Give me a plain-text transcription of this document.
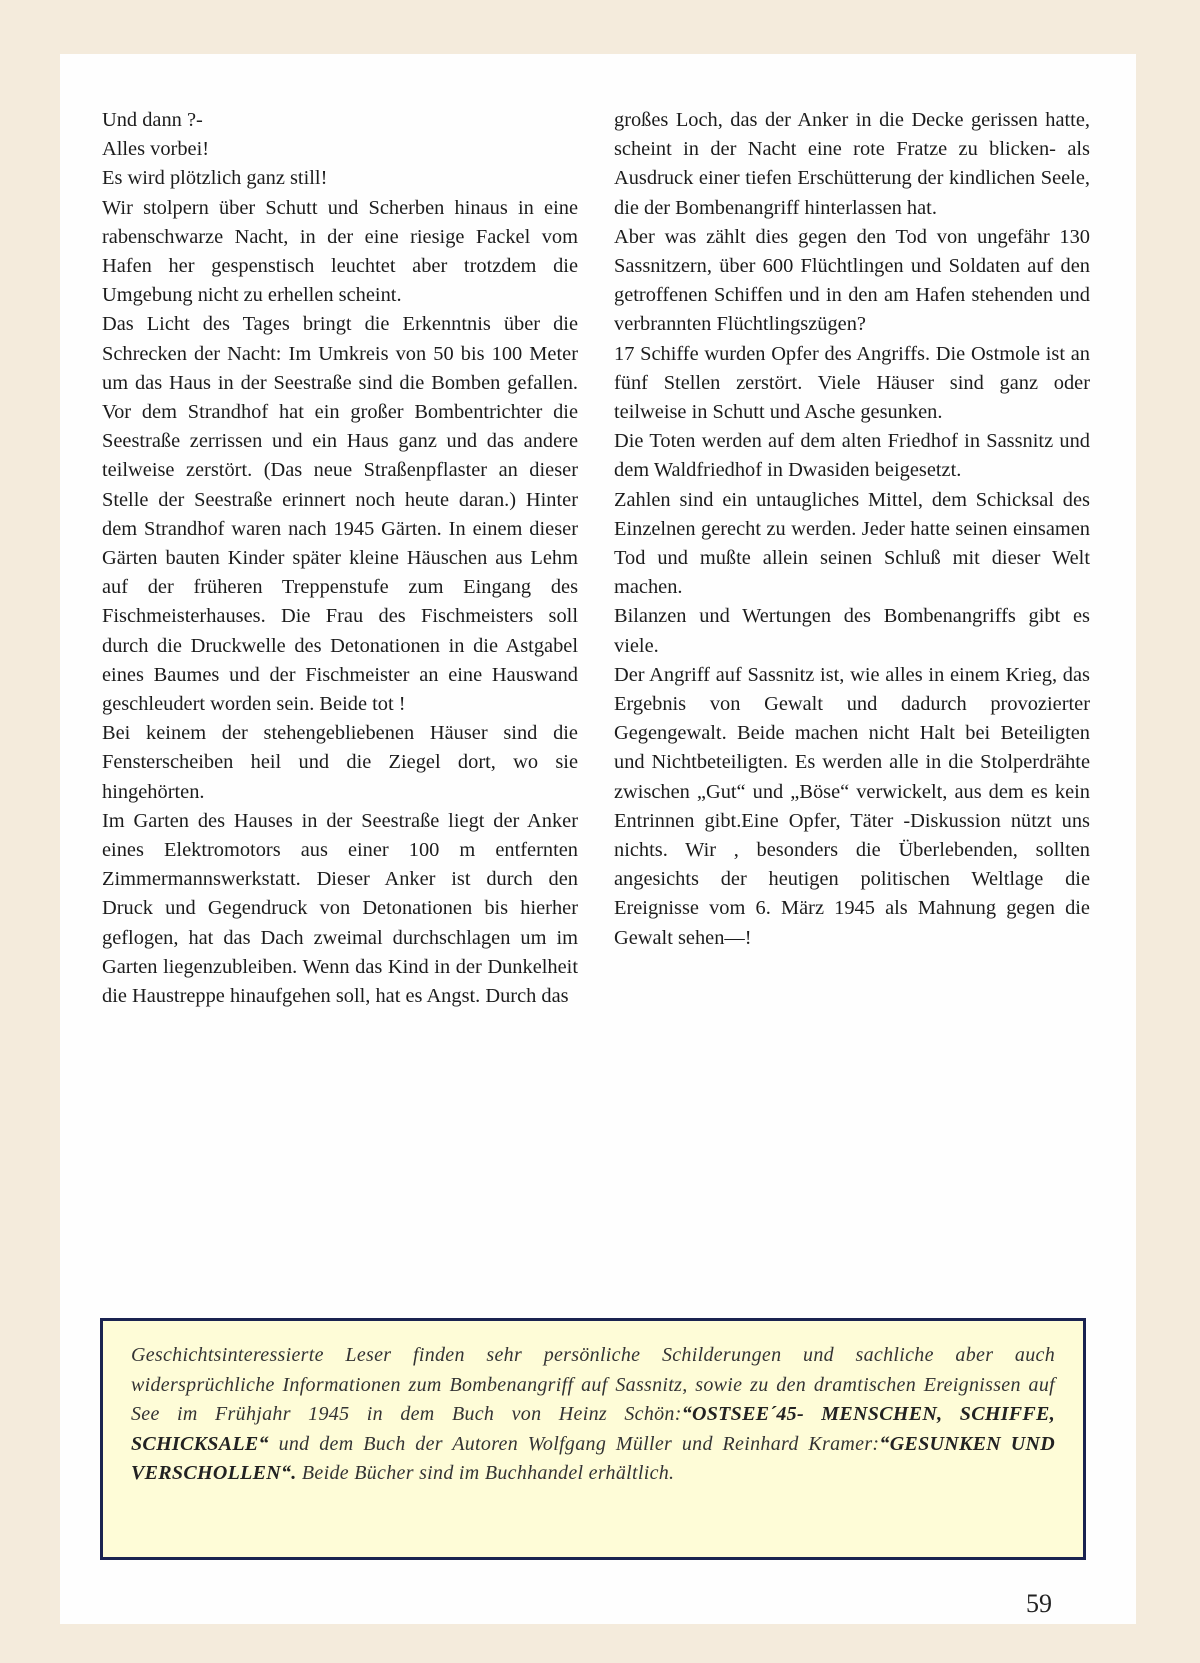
Und dann ?-

Alles vorbei!

Es wird plötzlich ganz still!

Wir stolpern über Schutt und Scherben hinaus in eine rabenschwarze Nacht, in der eine riesige Fackel vom Hafen her gespenstisch leuchtet aber trotzdem die Umgebung nicht zu erhellen scheint.

Das Licht des Tages bringt die Erkenntnis über die Schrecken der Nacht: Im Umkreis von 50 bis 100 Meter um das Haus in der Seestraße sind die Bomben gefallen. Vor dem Strandhof hat ein großer Bombentrichter die Seestraße zerrissen und ein Haus ganz und das andere teilweise zerstört. (Das neue Straßenpflaster an dieser Stelle der Seestraße erinnert noch heute daran.) Hinter dem Strandhof waren nach 1945 Gärten. In einem dieser Gärten bauten Kinder später kleine Häuschen aus Lehm auf der früheren Treppenstufe zum Eingang des Fischmeisterhauses. Die Frau des Fischmeisters soll durch die Druckwelle des Detonationen in die Astgabel eines Baumes und der Fischmeister an eine Hauswand geschleudert worden sein. Beide tot !

Bei keinem der stehengebliebenen Häuser sind die Fensterscheiben heil und die Ziegel dort, wo sie hingehörten.

Im Garten des Hauses in der Seestraße liegt der Anker eines Elektromotors aus einer 100 m entfernten Zimmermannswerkstatt. Dieser Anker ist durch den Druck und Gegendruck von Detonationen bis hierher geflogen, hat das Dach zweimal durchschlagen um im Garten liegenzubleiben. Wenn das Kind in der Dunkelheit die Haustreppe hinaufgehen soll, hat es Angst. Durch das

großes Loch, das der Anker in die Decke gerissen hatte, scheint in der Nacht eine rote Fratze zu blicken- als Ausdruck einer tiefen Erschütterung der kindlichen Seele, die der Bombenangriff hinterlassen hat.

Aber was zählt dies gegen den Tod von ungefähr 130 Sassnitzern, über 600 Flüchtlingen und Soldaten auf den getroffenen Schiffen und in den am Hafen stehenden und verbrannten Flüchtlingszügen?

17 Schiffe wurden Opfer des Angriffs. Die Ostmole ist an fünf Stellen zerstört. Viele Häuser sind ganz oder teilweise in Schutt und Asche gesunken.

Die Toten werden auf dem alten Friedhof in Sassnitz und dem Waldfriedhof in Dwasiden beigesetzt.

Zahlen sind ein untaugliches Mittel, dem Schicksal des Einzelnen gerecht zu werden. Jeder hatte seinen einsamen Tod und mußte allein seinen Schluß mit dieser Welt machen.

Bilanzen und Wertungen des Bombenangriffs gibt es viele.

Der Angriff auf Sassnitz ist, wie alles in einem Krieg, das Ergebnis von Gewalt und dadurch provozierter Gegengewalt. Beide machen nicht Halt bei Beteiligten und Nichtbeteiligten. Es werden alle in die Stolperdrähte zwischen „Gut“ und „Böse“ verwickelt, aus dem es kein Entrinnen gibt.Eine Opfer, Täter -Diskussion nützt uns nichts. Wir , besonders die Überlebenden, sollten angesichts der heutigen politischen Weltlage die Ereignisse vom 6. März 1945 als Mahnung gegen die Gewalt sehen—!

Geschichtsinteressierte Leser finden sehr persönliche Schilderungen und sachliche aber auch widersprüchliche Informationen zum Bombenangriff auf Sassnitz, sowie zu den dramtischen Ereignissen auf See im Frühjahr 1945 in dem Buch von Heinz Schön:“OSTSEE´45- MENSCHEN, SCHIFFE, SCHICKSALE“ und dem Buch der Autoren Wolfgang Müller und Reinhard Kramer:“GESUNKEN UND VERSCHOLLEN“. Beide Bücher sind im Buchhandel erhältlich.
59
